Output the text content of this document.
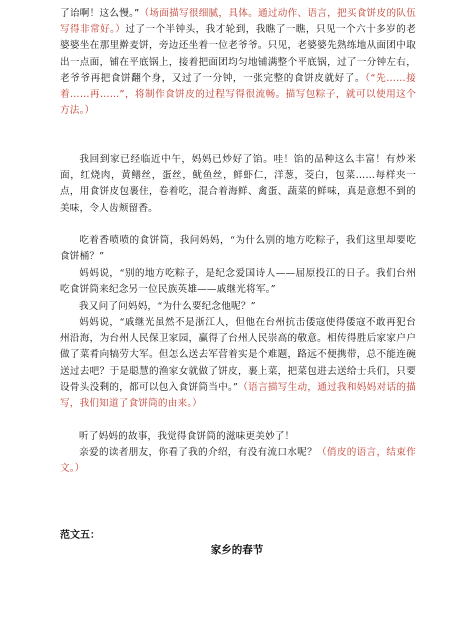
了诒啊！这么慢。”（场面描写很细腻，具体。通过动作、语言，把买食饼皮的队伍写得非常好。）过了一个半钟头，我才轮到，我瞧了一瞧，只见一个六十多岁的老婆婆坐在那里擀麦饼，旁边还坐着一位老爷爷。只见，老婆婆先熟练地从面团中取出一点面，铺在平底锅上，接着把面团均匀地铺满整个平底锅，过了一分钟左右，老爷爷再把食饼翻个身，又过了一分钟，一张完整的食饼皮就好了。（“先……接着……再……”，将制作食饼皮的过程写得很流畅。描写包粽子，就可以使用这个方法。）
我回到家已经临近中午，妈妈已炒好了馅。哇！馅的品种这么丰富！有炒米面，红烧肉，黄鳝丝，蛋丝，鱿鱼丝，鲜虾仁，洋葱，茭白，包菜……每样夹一点，用食饼皮包裹住，卷着吃，混合着海鲜、禽蛋、蔬菜的鲜味，真是意想不到的美味，令人齿颊留香。
吃着香喷喷的食饼筒，我问妈妈，“为什么别的地方吃粽子，我们这里却要吃食饼桶？”
妈妈说，“别的地方吃粽子，是纪念爱国诗人——屈原投江的日子。我们台州吃食饼筒来纪念另一位民族英雄——戚继光将军。”
我又问了问妈妈，“为什么要纪念他呢？”
妈妈说，“戚继光虽然不是浙江人，但他在台州抗击倭寇使得倭寇不敢再犯台州沿海，为台州人民保卫家园，赢得了台州人民崇高的敬意。相传得胜后家家户户做了菜肴向犒劳大军。但怎么送去军营着实是个难题，路远不便携带，总不能连碗送过去吧？于是聪慧的渔家女就做了饼皮，裹上菜，把菜包进去送给士兵们，只要设骨头没剩的，都可以包入食饼筒当中。”（语言描写生动，通过我和妈妈对话的描写，我们知道了食饼筒的由来。）
听了妈妈的故事，我觉得食饼筒的滋味更美妙了！
亲爱的读者朋友，你看了我的介绍，有没有流口水呢？（俏皮的语言，结束作文。）
范文五：
家乡的春节
